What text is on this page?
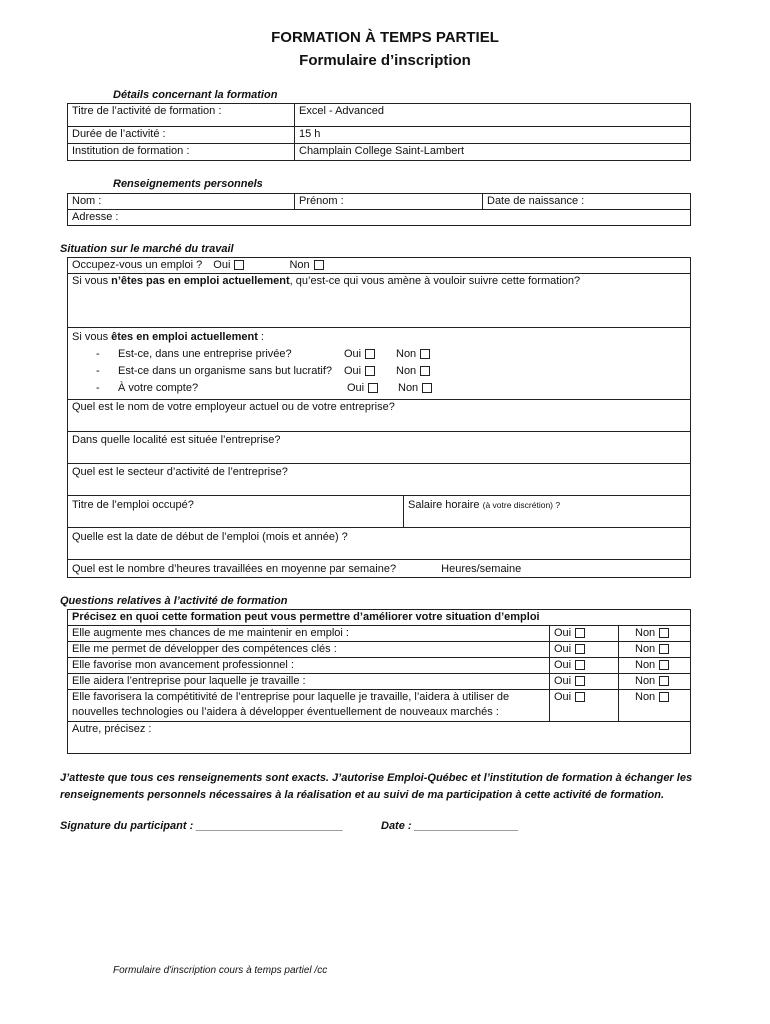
FORMATION À TEMPS PARTIEL
Formulaire d’inscription
Détails concernant la formation
Titre de l’activité de formation :	Excel - Advanced
Durée de l’activité :	15 h
Institution de formation :	Champlain College Saint-Lambert
Renseignements personnels
Nom :	Prénom :	Date de naissance :
Adresse :
Situation sur le marché du travail
Occupez-vous un emploi ? Oui	Non
Si vous n’êtes pas en emploi actuellement, qu’est-ce qui vous amène à vouloir suivre cette formation?

Si vous êtes en emploi actuellement :
- Est-ce, dans une entreprise privée?	Oui	Non
- Est-ce dans un organisme sans but lucratif? Oui	Non
- À votre compte?	Oui	Non

Quel est le nom de votre employeur actuel ou de votre entreprise?
Dans quelle localité est située l’entreprise?
Quel est le secteur d’activité de l’entreprise?
Titre de l’emploi occupé?	Salaire horaire (à votre discrétion) ?
Quelle est la date de début de l’emploi (mois et année) ?
Quel est le nombre d’heures travaillées en moyenne par semaine?	Heures/semaine
Questions relatives à l’activité de formation
Précisez en quoi cette formation peut vous permettre d’améliorer votre situation d’emploi		
Elle augmente mes chances de me maintenir en emploi :	Oui	Non
Elle me permet de développer des compétences clés :	Oui	Non
Elle favorise mon avancement professionnel :	Oui	Non
Elle aidera l’entreprise pour laquelle je travaille :	Oui	Non
Elle favorisera la compétitivité de l’entreprise pour laquelle je travaille, l’aidera à utiliser de nouvelles technologies ou l’aidera à développer éventuellement de nouveaux marchés :	Oui	Non
Autre, précisez :		
J’atteste que tous ces renseignements sont exacts. J’autorise Emploi-Québec et l’institution de formation à échanger les renseignements personnels nécessaires à la réalisation et au suivi de ma participation à cette activité de formation.
Signature du participant : ________________________	Date : _________________
Formulaire d'inscription cours à temps partiel /cc
